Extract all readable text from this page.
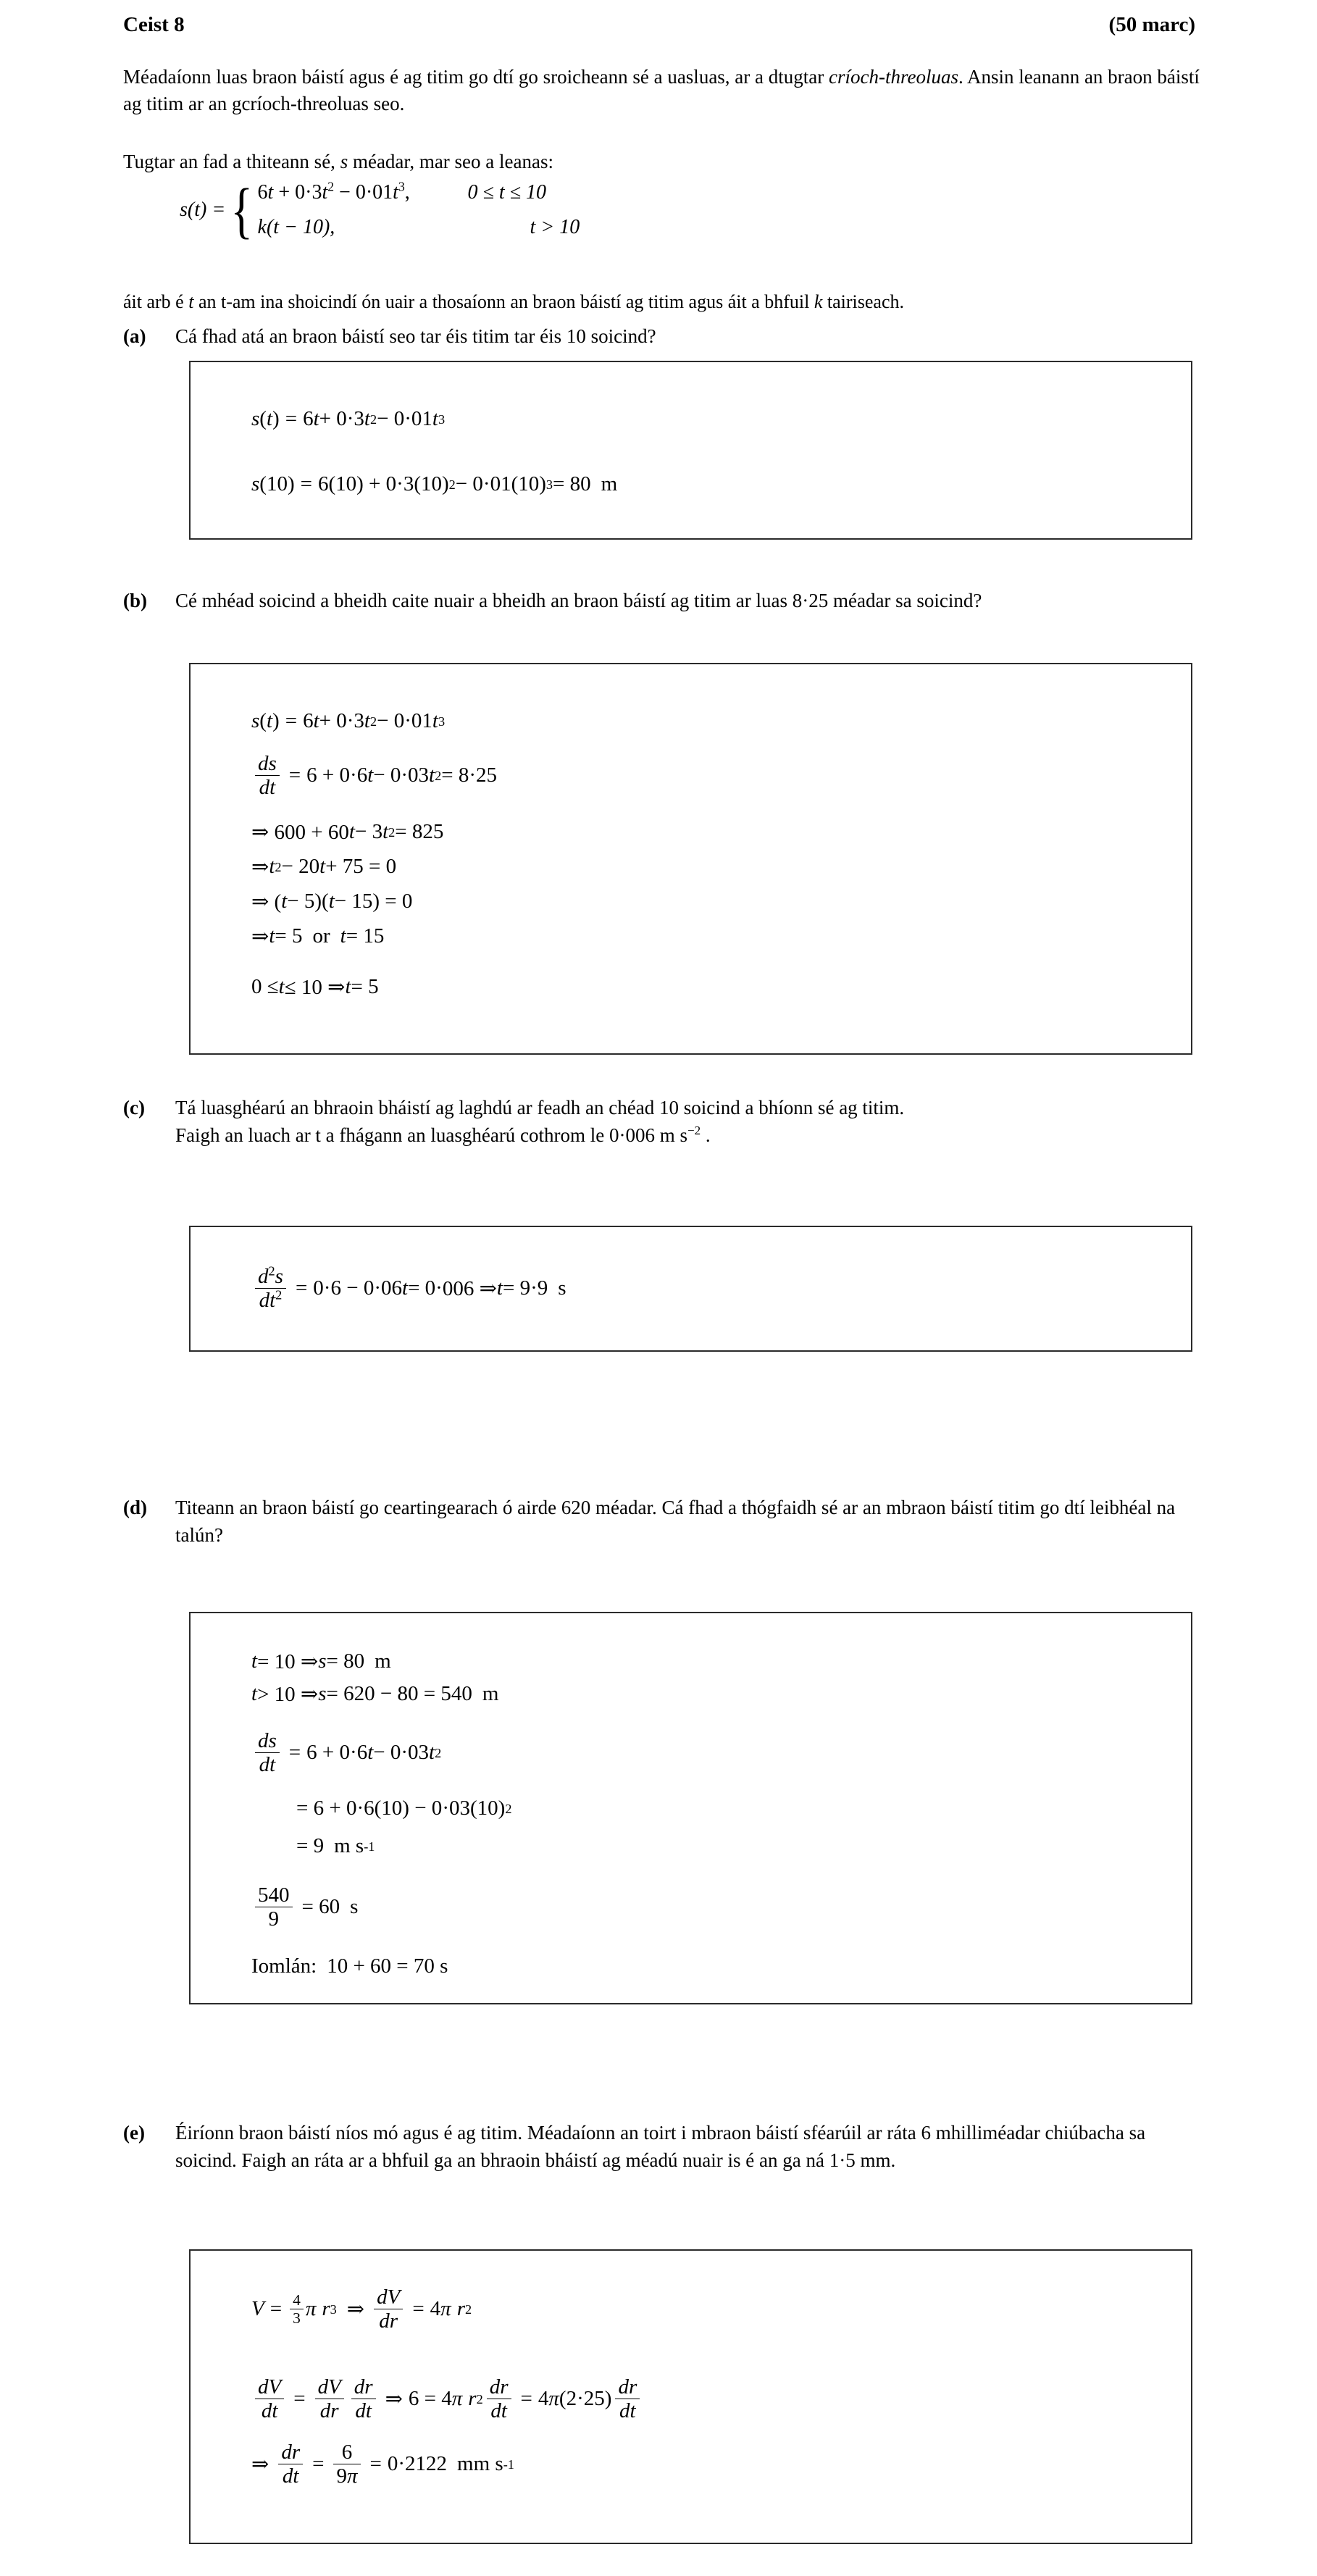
Ceist 8	(50 marc)
Méadaíonn luas braon báistí agus é ag titim go dtí go sroicheann sé a uasluas, ar a dtugtar críoch-threoluas. Ansin leanann an braon báistí ag titim ar an gcríoch-threoluas seo.
Tugtar an fad a thiteann sé, s méadar, mar seo a leanas:
s(t) = { $6t + 0\cdot 3t^2 - 0\cdot 01t^3$,	0 ≤ t ≤ 10
k(t − 10),	t > 10
áit arb é t an t-am ina shoicindí ón uair a thosaíonn an braon báistí ag titim agus áit a bhfuil k tairiseach.
(a)	Cá fhad atá an braon báistí seo tar éis titim tar éis 10 soicind?
s ( t ) = 6 t + 0 · 3 t 2 − 0 · 01 t 3
s (10) = 6(10) + 0 · 3(10) 2 − 0 · 01(10) 3 = 80 m
(b)	Cé mhéad soicind a bheidh caite nuair a bheidh an braon báistí ag titim ar luas 8·25 méadar sa soicind?
s ( t ) = 6 t + 0 · 3 t 2 − 0 · 01 t 3
$\frac{ds}{dt} = 6 + 0 \cdot 6$ t − 0 · 03 t 2 = 8 · 25
⇒ 600 + 60 t − 3 t 2 = 825
⇒ t 2 − 20 t + 75 = 0
⇒ ( t − 5)( t − 15) = 0
⇒ t = 5 or t = 15
0 ≤ t ≤ 10 ⇒ t = 5
(c)	Tá luasghéarú an bhraoin bháistí ag laghdú ar feadh an chéad 10 soicind a bhíonn sé ag titim.
Faigh an luach ar t a fhágann an luasghéarú cothrom le 0·006 m $s^{-2}$ .
$\frac{d^2s}{dt^2} = 0 \cdot 6 - 0 \cdot 06$ t = 0 · 006 ⇒ t = 9 · 9 s
(d)	Titeann an braon báistí go ceartingearach ó airde 620 méadar. Cá fhad a thógfaidh sé ar an mbraon báistí titim go dtí leibhéal na talún?
t = 10 ⇒ s = 80 m
t > 10 ⇒ s = 620 − 80 = 540 m
$\frac{ds}{dt} = 6 + 0 \cdot 6$ t − 0 · 03 t 2
= 6 + 0 · 6(10) − 0 · 03(10) 2
= 9 m s -1
$\frac{540}{9} = 60$ s
Iomlán: 10 + 60 = 70 s
(e)	Éiríonn braon báistí níos mó agus é ag titim. Méadaíonn an toirt i mbraon báistí sféarúil ar ráta 6 mhilliméadar chiúbacha sa soicind. Faigh an ráta ar a bhfuil ga an bhraoin bháistí ag méadú nuair is é an ga ná 1·5 mm.
$V = \frac{4}{3}$ π r 3 ⇒ $\frac{dV}{dr} = 4$ π r 2
$\frac{dV}{dt} = \frac{dV}{dr} \frac{dr}{dt}$ ⇒ 6 = 4 π r $2 \frac{dr}{dt} = 4$ π $(2 \cdot 25) \frac{dr}{dt}$
⇒ $\frac{dr}{dt} = \frac{6}{9\pi} = 0 \cdot 2122$ mm s -1
